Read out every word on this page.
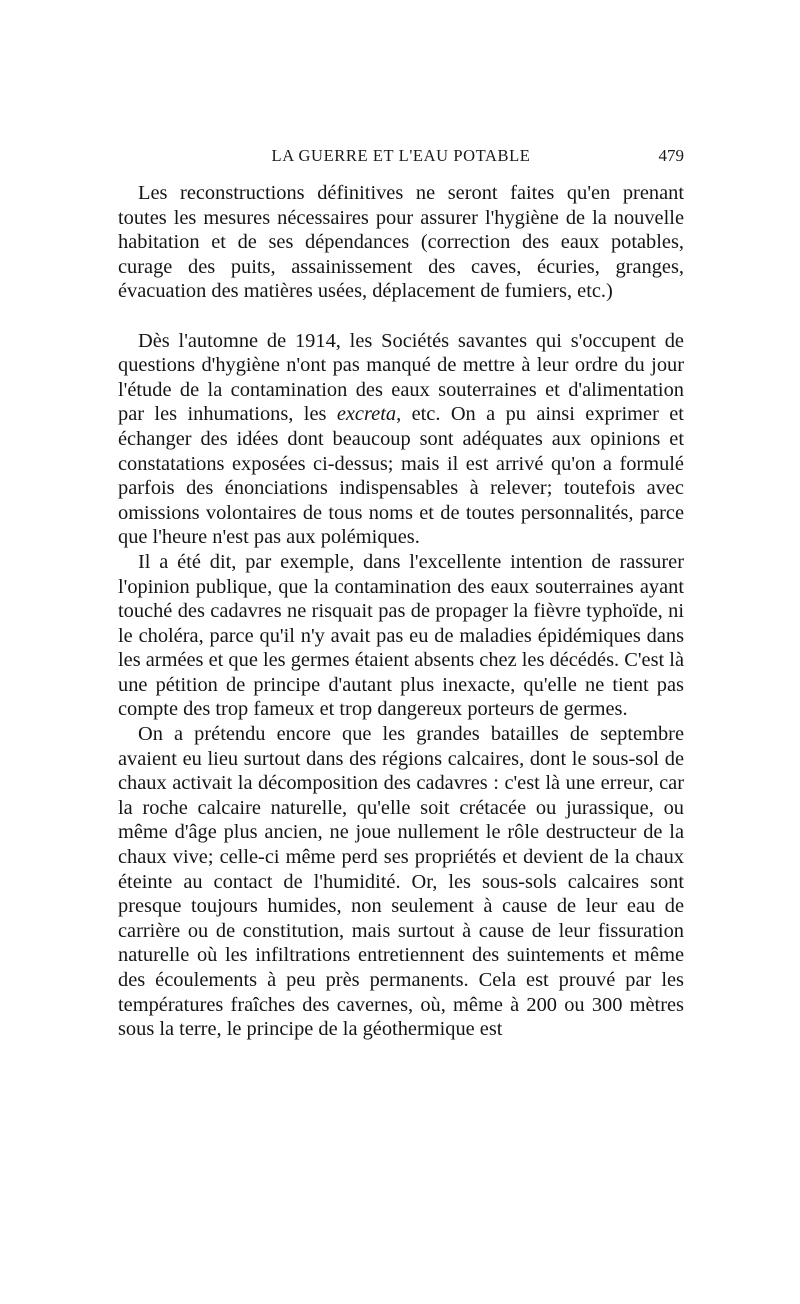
LA GUERRE ET L'EAU POTABLE	479

Les reconstructions définitives ne seront faites qu'en prenant toutes les mesures nécessaires pour assurer l'hygiène de la nouvelle habitation et de ses dépendances (correction des eaux potables, curage des puits, assainissement des caves, écuries, granges, évacuation des matières usées, déplacement de fumiers, etc.)

Dès l'automne de 1914, les Sociétés savantes qui s'occupent de questions d'hygiène n'ont pas manqué de mettre à leur ordre du jour l'étude de la contamination des eaux souterraines et d'alimentation par les inhumations, les excreta, etc. On a pu ainsi exprimer et échanger des idées dont beaucoup sont adéquates aux opinions et constatations exposées ci-dessus; mais il est arrivé qu'on a formulé parfois des énonciations indispensables à relever; toutefois avec omissions volontaires de tous noms et de toutes personnalités, parce que l'heure n'est pas aux polémiques.

Il a été dit, par exemple, dans l'excellente intention de rassurer l'opinion publique, que la contamination des eaux souterraines ayant touché des cadavres ne risquait pas de propager la fièvre typhoïde, ni le choléra, parce qu'il n'y avait pas eu de maladies épidémiques dans les armées et que les germes étaient absents chez les décédés. C'est là une pétition de principe d'autant plus inexacte, qu'elle ne tient pas compte des trop fameux et trop dangereux porteurs de germes.

On a prétendu encore que les grandes batailles de septembre avaient eu lieu surtout dans des régions calcaires, dont le sous-sol de chaux activait la décomposition des cadavres : c'est là une erreur, car la roche calcaire naturelle, qu'elle soit crétacée ou jurassique, ou même d'âge plus ancien, ne joue nullement le rôle destructeur de la chaux vive; celle-ci même perd ses propriétés et devient de la chaux éteinte au contact de l'humidité. Or, les sous-sols calcaires sont presque toujours humides, non seulement à cause de leur eau de carrière ou de constitution, mais surtout à cause de leur fissuration naturelle où les infiltrations entretiennent des suintements et même des écoulements à peu près permanents. Cela est prouvé par les températures fraîches des cavernes, où, même à 200 ou 300 mètres sous la terre, le principe de la géothermique est
